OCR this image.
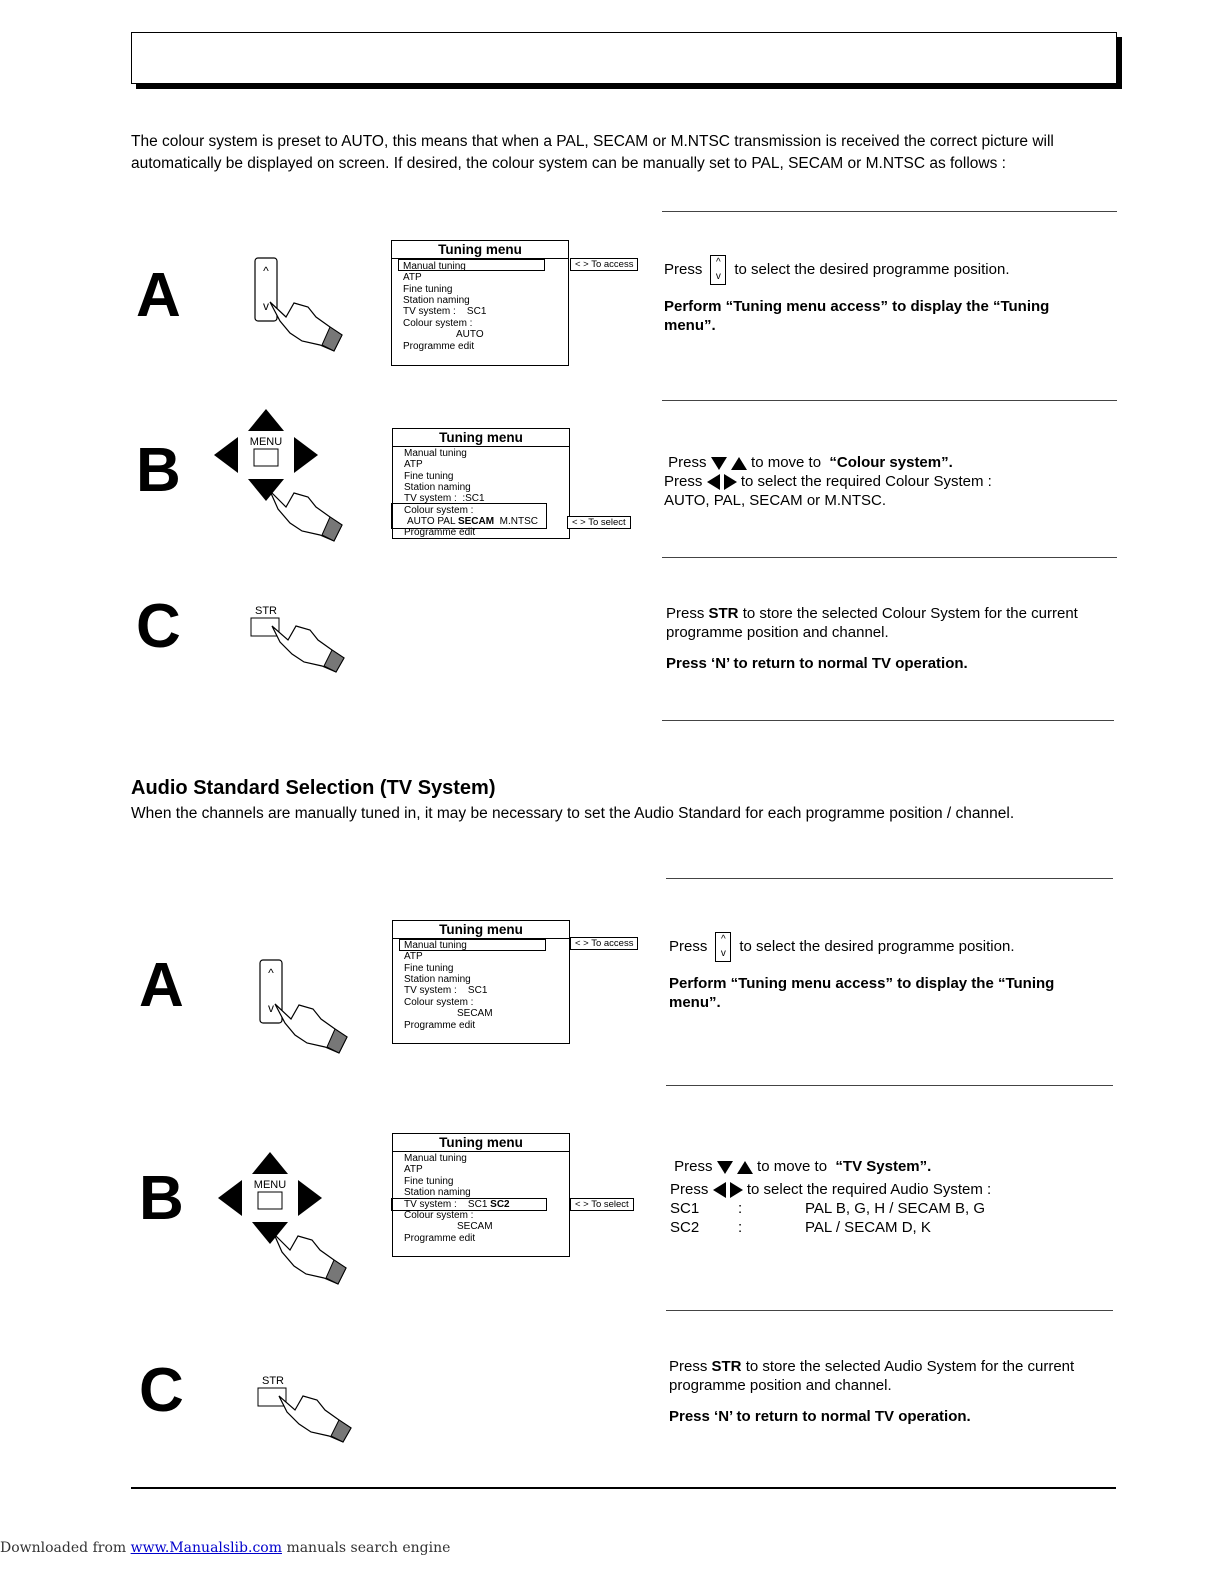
The colour system is preset to AUTO, this means that when a PAL, SECAM or M.NTSC transmission is received the correct picture will
automatically be displayed on screen. If desired, the colour system can be manually set to PAL, SECAM or M.NTSC as follows :
A	^
v
Tuning menu
Manual tuning
ATP
Fine tuning
Station naming
TV system : SC1
Colour system :
AUTO
Programme edit
< > To access	Press	^
v to select the desired programme position.

Perform “Tuning menu access” to display the “Tuning menu”.

B	MENU	Tuning menu
Manual tuning
ATP
Fine tuning
Station naming
TV system : :SC1
Colour system :
AUTO PAL SECAM M.NTSC
Programme edit
< > To select

Press	to move to “Colour system”.

Press	to select the required Colour System :

AUTO, PAL, SECAM or M.NTSC.

C	STR	Press STR to store the selected Colour System for the current programme position and channel.

Press ‘N’ to return to normal TV operation.

Audio Standard Selection (TV System)
When the channels are manually tuned in, it may be necessary to set the Audio Standard for each programme position / channel.
A	^
v
Tuning menu
Manual tuning
ATP
Fine tuning
Station naming
TV system : SC1
Colour system :
SECAM
Programme edit
< > To access	Press	^
v to select the desired programme position.

Perform “Tuning menu access” to display the “Tuning menu”.

B	MENU
Tuning menu
Manual tuning
ATP
Fine tuning
Station naming
TV system : SC1 SC2
Colour system :
SECAM
Programme edit
< > To select

Press	to move to “TV System”.

Press	to select the required Audio System :

SC1	:	PAL B, G, H / SECAM B, G
SC2	:	PAL / SECAM D, K
C	STR

Press STR to store the selected Audio System for the current programme position and channel.

Press ‘N’ to return to normal TV operation.

Downloaded from www.Manualslib.com manuals search engine
